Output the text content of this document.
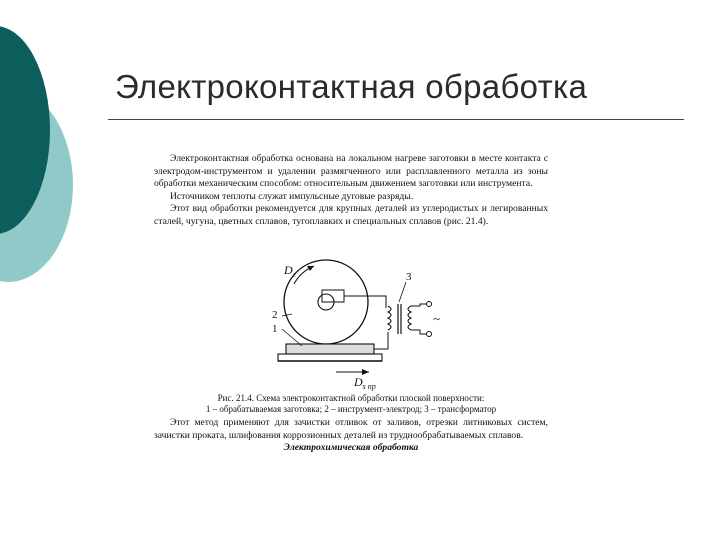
Электроконтактная обработка

Электроконтактная обработка основана на локальном нагреве заготовки в месте контакта с электродом-инструментом и удалении размягченного или расплавленного металла из зоны обработки механическим способом: относительным движением заготовки или инструмента.

Источником теплоты служат импульсные дуговые разряды.

Этот вид обработки рекомендуется для крупных деталей из углеродистых и легированных сталей, чугуна, цветных сплавов, тугоплавких и специальных сплавов (рис. 21.4).

$D_г$
1
2
3
~
$D_{s пр}$
Рис. 21.4. Схема электроконтактной обработки плоской поверхности:
1 – обрабатываемая заготовка; 2 – инструмент-электрод; 3 – трансформатор

Этот метод применяют для зачистки отливок от заливов, отрезки литниковых систем, зачистки проката, шлифования коррозионных деталей из труднообрабатываемых сплавов.

Электрохимическая обработка
